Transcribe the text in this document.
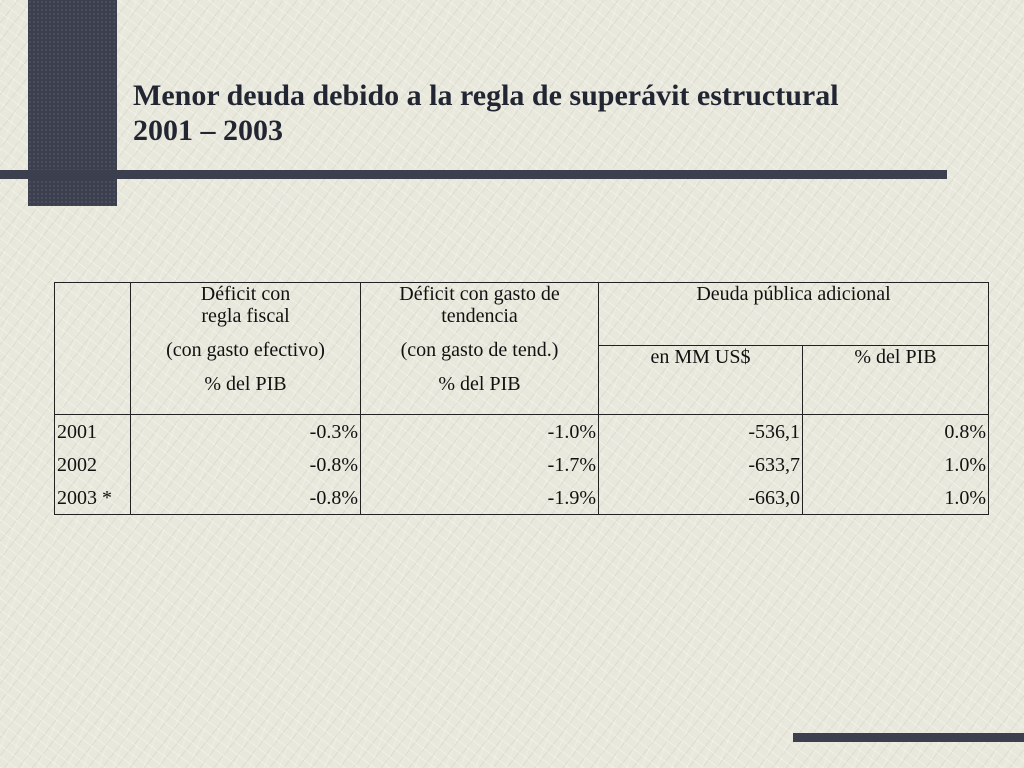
Menor deuda debido a la regla de superávit estructural
2001 – 2003

	Déficit con
regla fiscal
(con gasto efectivo)
% del PIB	Déficit con gasto de
tendencia
(con gasto de tend.)
% del PIB	Deuda pública adicional	
			en MM US$	% del PIB
2001	-0.3%	-1.0%	-536,1	0.8%
2002	-0.8%	-1.7%	-633,7	1.0%
2003 *	-0.8%	-1.9%	-663,0	1.0%
